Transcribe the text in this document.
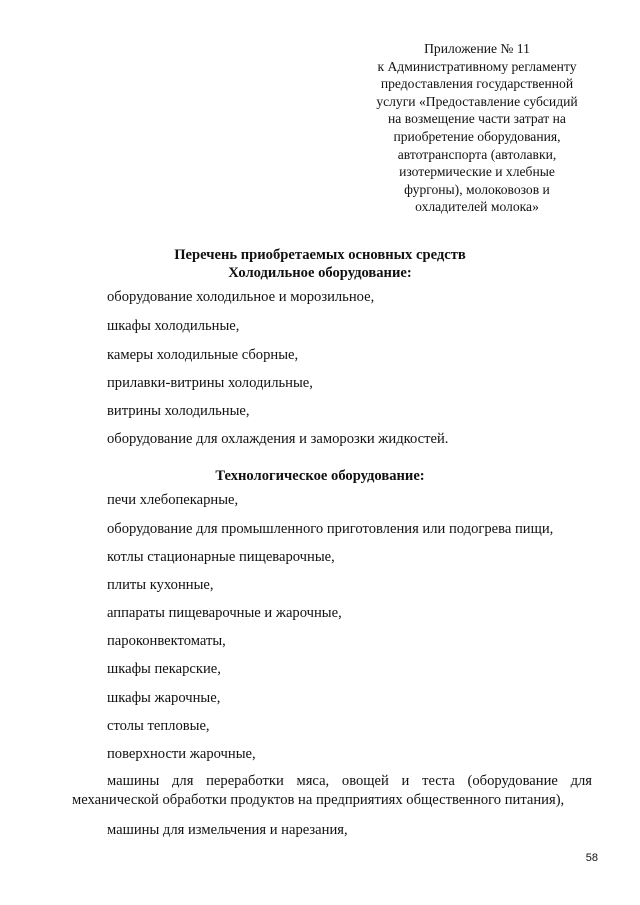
Приложение № 11
к Административному регламенту
предоставления государственной
услуги «Предоставление субсидий
на возмещение части затрат на
приобретение оборудования,
автотранспорта (автолавки,
изотермические и хлебные
фургоны), молоковозов и
охладителей молока»
Перечень приобретаемых основных средств
Холодильное оборудование:
оборудование холодильное и морозильное,
шкафы холодильные,
камеры холодильные сборные,
прилавки-витрины холодильные,
витрины холодильные,
оборудование для охлаждения и заморозки жидкостей.
Технологическое оборудование:
печи хлебопекарные,
оборудование для промышленного приготовления или подогрева пищи,
котлы стационарные пищеварочные,
плиты кухонные,
аппараты пищеварочные и жарочные,
пароконвектоматы,
шкафы пекарские,
шкафы жарочные,
столы тепловые,
поверхности жарочные,
машины для переработки мяса, овощей и теста (оборудование для
механической обработки продуктов на предприятиях общественного питания),
машины для измельчения и нарезания,
58
